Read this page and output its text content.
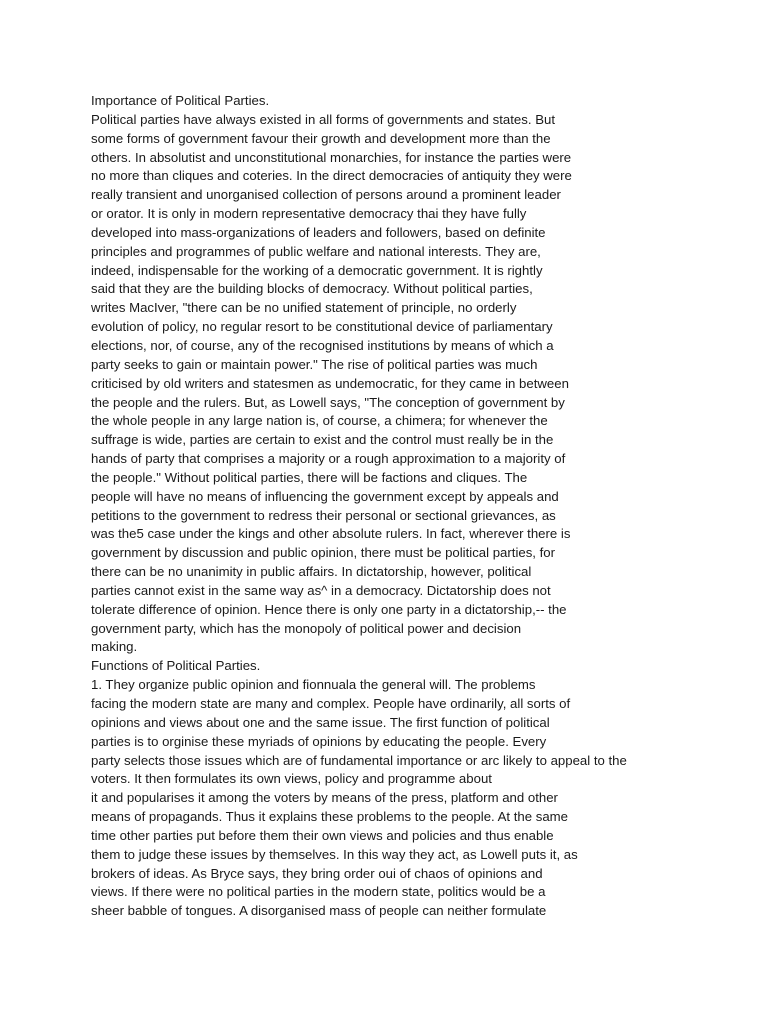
Importance of Political Parties.
Political parties have always existed in all forms of governments and states. But
some forms of government favour their growth and development more than the
others. In absolutist and unconstitutional monarchies, for instance the parties were
no more than cliques and coteries. In the direct democracies of antiquity they were
really transient and unorganised collection of persons around a prominent leader
or orator. It is only in modern representative democracy thai they have fully
developed into mass-organizations of leaders and followers, based on definite
principles and programmes of public welfare and national interests. They are,
indeed, indispensable for the working of a democratic government. It is rightly
said that they are the building blocks of democracy. Without political parties,
writes MacIver, "there can be no unified statement of principle, no orderly
evolution of policy, no regular resort to be constitutional device of parliamentary
elections, nor, of course, any of the recognised institutions by means of which a
party seeks to gain or maintain power." The rise of political parties was much
criticised by old writers and statesmen as undemocratic, for they came in between
the people and the rulers. But, as Lowell says, "The conception of government by
the whole people in any large nation is, of course, a chimera; for whenever the
suffrage is wide, parties are certain to exist and the control must really be in the
hands of party that comprises a majority or a rough approximation to a majority of
the people." Without political parties, there will be factions and cliques. The
people will have no means of influencing the government except by appeals and
petitions to the government to redress their personal or sectional grievances, as
was the5 case under the kings and other absolute rulers. In fact, wherever there is
government by discussion and public opinion, there must be political parties, for
there can be no unanimity in public affairs. In dictatorship, however, political
parties cannot exist in the same way as^ in a democracy. Dictatorship does not
tolerate difference of opinion. Hence there is only one party in a dictatorship,-- the
government party, which has the monopoly of political power and decision
making.
Functions of Political Parties.
1. They organize public opinion and fionnuala the general will. The problems
facing the modern state are many and complex. People have ordinarily, all sorts of
opinions and views about one and the same issue. The first function of political
parties is to orginise these myriads of opinions by educating the people. Every
party selects those issues which are of fundamental importance or arc likely to appeal to the
voters. It then formulates its own views, policy and programme about
it and popularises it among the voters by means of the press, platform and other
means of propagands. Thus it explains these problems to the people. At the same
time other parties put before them their own views and policies and thus enable
them to judge these issues by themselves. In this way they act, as Lowell puts it, as
brokers of ideas. As Bryce says, they bring order oui of chaos of opinions and
views. If there were no political parties in the modern state, politics would be a
sheer babble of tongues. A disorganised mass of people can neither formulate
